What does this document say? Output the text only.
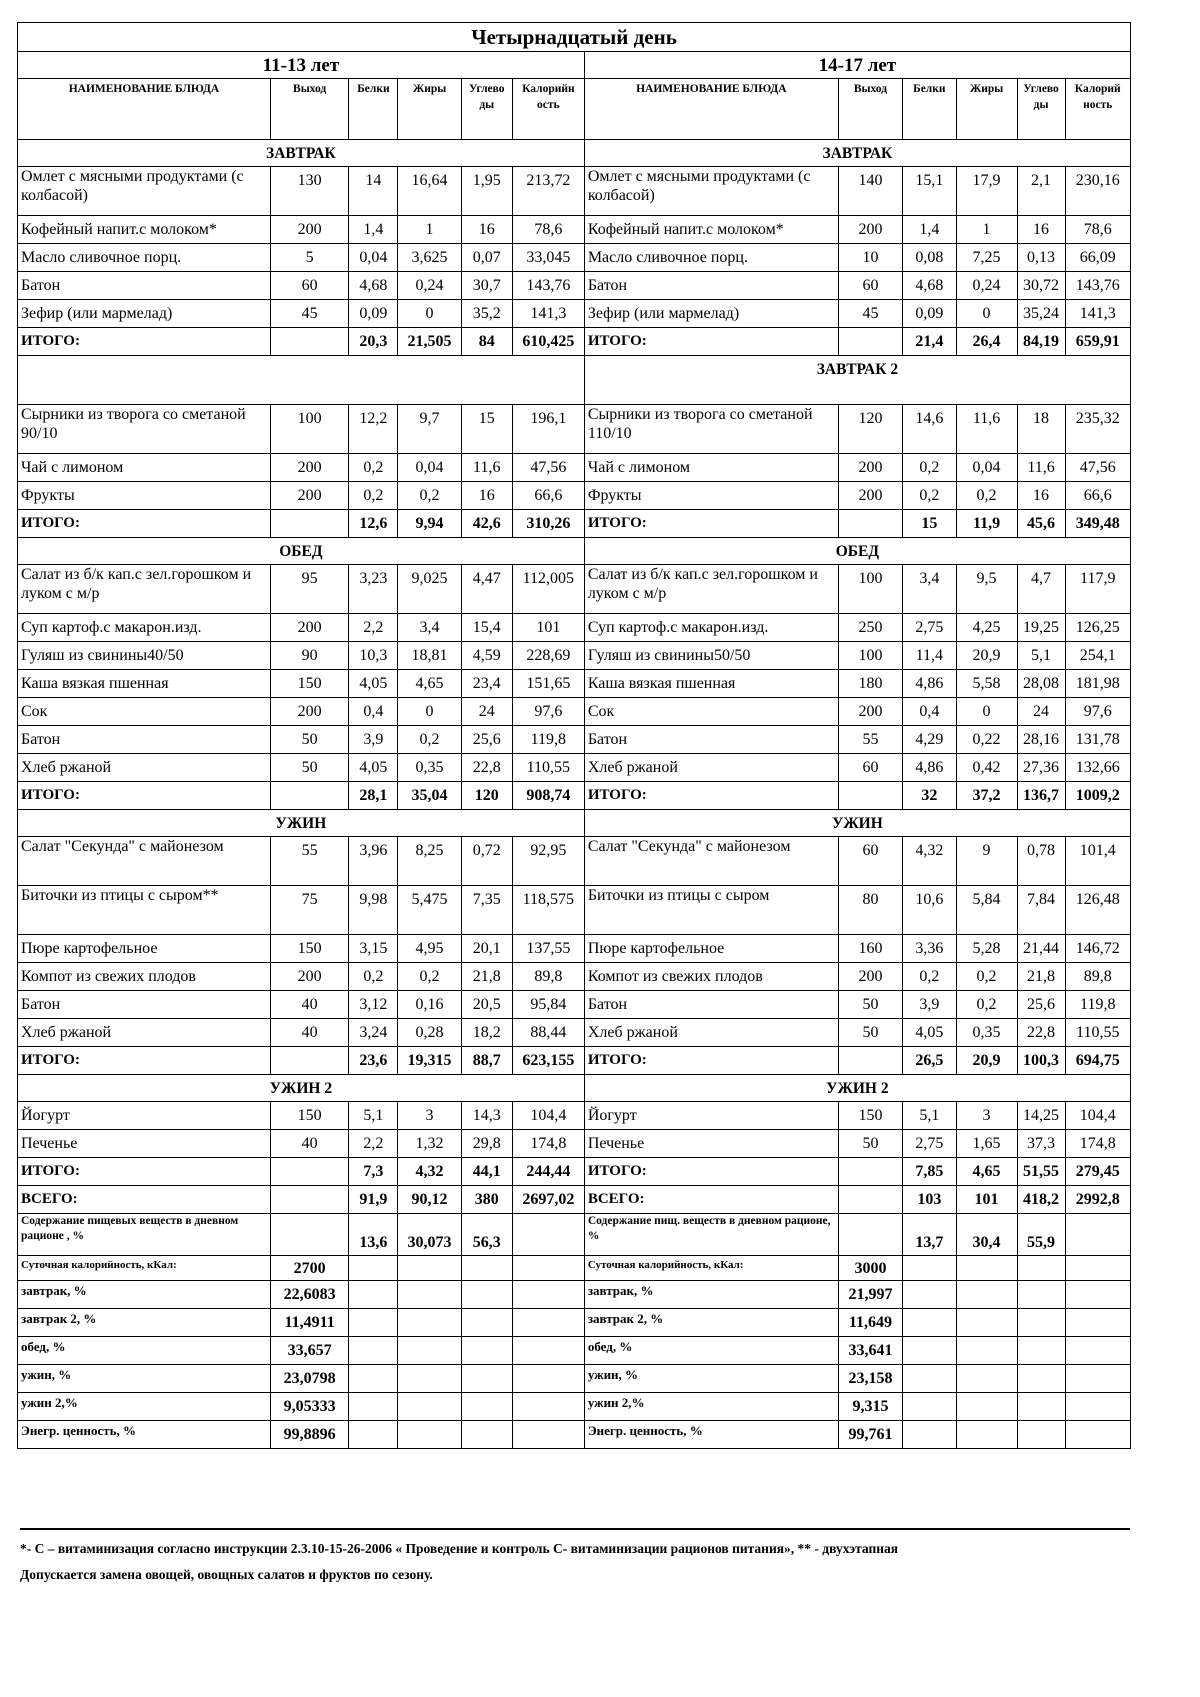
Четырнадцатый день											
11-13 лет						14-17 лет					
НАИМЕНОВАНИЕ БЛЮДА	Выход	Белки	Жиры	Углево ды	Калорийн ость	НАИМЕНОВАНИЕ БЛЮДА	Выход	Белки	Жиры	Углево ды	Калорий ность
ЗАВТРАК						ЗАВТРАК					
Омлет с мясными продуктами (с колбасой)	130	14	16,64	1,95	213,72	Омлет с мясными продуктами (с колбасой)	140	15,1	17,9	2,1	230,16
Кофейный напит.с молоком*	200	1,4	1	16	78,6	Кофейный напит.с молоком*	200	1,4	1	16	78,6
Масло сливочное порц.	5	0,04	3,625	0,07	33,045	Масло сливочное порц.	10	0,08	7,25	0,13	66,09
Батон	60	4,68	0,24	30,7	143,76	Батон	60	4,68	0,24	30,72	143,76
Зефир (или мармелад)	45	0,09	0	35,2	141,3	Зефир (или мармелад)	45	0,09	0	35,24	141,3
ИТОГО:		20,3	21,505	84	610,425	ИТОГО:		21,4	26,4	84,19	659,91
						ЗАВТРАК 2					
Сырники из творога со сметаной 90/10	100	12,2	9,7	15	196,1	Сырники из творога со сметаной 110/10	120	14,6	11,6	18	235,32
Чай с лимоном	200	0,2	0,04	11,6	47,56	Чай с лимоном	200	0,2	0,04	11,6	47,56
Фрукты	200	0,2	0,2	16	66,6	Фрукты	200	0,2	0,2	16	66,6
ИТОГО:		12,6	9,94	42,6	310,26	ИТОГО:		15	11,9	45,6	349,48
ОБЕД						ОБЕД					
Салат из б/к кап.с зел.горошком и луком с м/р	95	3,23	9,025	4,47	112,005	Салат из б/к кап.с зел.горошком и луком с м/р	100	3,4	9,5	4,7	117,9
Суп картоф.с макарон.изд.	200	2,2	3,4	15,4	101	Суп картоф.с макарон.изд.	250	2,75	4,25	19,25	126,25
Гуляш из свинины40/50	90	10,3	18,81	4,59	228,69	Гуляш из свинины50/50	100	11,4	20,9	5,1	254,1
Каша вязкая пшенная	150	4,05	4,65	23,4	151,65	Каша вязкая пшенная	180	4,86	5,58	28,08	181,98
Сок	200	0,4	0	24	97,6	Сок	200	0,4	0	24	97,6
Батон	50	3,9	0,2	25,6	119,8	Батон	55	4,29	0,22	28,16	131,78
Хлеб ржаной	50	4,05	0,35	22,8	110,55	Хлеб ржаной	60	4,86	0,42	27,36	132,66
ИТОГО:		28,1	35,04	120	908,74	ИТОГО:		32	37,2	136,7	1009,2
УЖИН						УЖИН					
Салат "Секунда" с майонезом	55	3,96	8,25	0,72	92,95	Салат "Секунда" с майонезом	60	4,32	9	0,78	101,4
Биточки из птицы с сыром**	75	9,98	5,475	7,35	118,575	Биточки из птицы с сыром	80	10,6	5,84	7,84	126,48
Пюре картофельное	150	3,15	4,95	20,1	137,55	Пюре картофельное	160	3,36	5,28	21,44	146,72
Компот из свежих плодов	200	0,2	0,2	21,8	89,8	Компот из свежих плодов	200	0,2	0,2	21,8	89,8
Батон	40	3,12	0,16	20,5	95,84	Батон	50	3,9	0,2	25,6	119,8
Хлеб ржаной	40	3,24	0,28	18,2	88,44	Хлеб ржаной	50	4,05	0,35	22,8	110,55
ИТОГО:		23,6	19,315	88,7	623,155	ИТОГО:		26,5	20,9	100,3	694,75
УЖИН 2						УЖИН 2					
Йогурт	150	5,1	3	14,3	104,4	Йогурт	150	5,1	3	14,25	104,4
Печенье	40	2,2	1,32	29,8	174,8	Печенье	50	2,75	1,65	37,3	174,8
ИТОГО:		7,3	4,32	44,1	244,44	ИТОГО:		7,85	4,65	51,55	279,45
ВСЕГО:		91,9	90,12	380	2697,02	ВСЕГО:		103	101	418,2	2992,8
Содержание пищевых веществ в дневном рационе , %		13,6	30,073	56,3		Содержание пищ. веществ в дневном рационе, %		13,7	30,4	55,9	
Суточная калорийность, кКал:	2700					Суточная калорийность, кКал:	3000				
завтрак, %	22,6083					завтрак, %	21,997				
завтрак 2, %	11,4911					завтрак 2, %	11,649				
обед, %	33,657					обед, %	33,641				
ужин, %	23,0798					ужин, %	23,158				
ужин 2,%	9,05333					ужин 2,%	9,315				
Энегр. ценность, %	99,8896					Энегр. ценность, %	99,761				
*- С – витаминизация согласно инструкции 2.3.10-15-26-2006 « Проведение и контроль С- витаминизации рационов питания», ** - двухэтапная
Допускается замена овощей, овощных салатов и фруктов по сезону.
